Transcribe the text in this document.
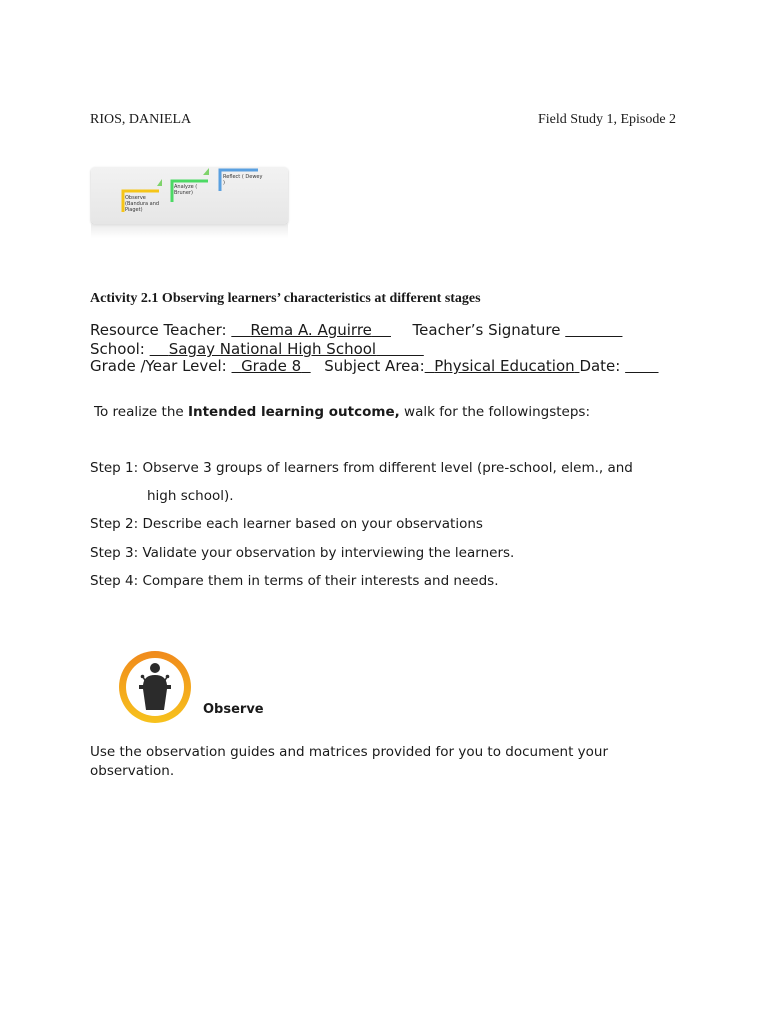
RIOS, DANIELA	Field Study 1, Episode 2
Observe (Bandura and Piaget)
Analyze ( Bruner)
Reflect ( Dewey )
Activity 2.1 Observing learners’ characteristics at different stages
Resource Teacher: Rema A. Aguirre	Teacher’s Signature
School: Sagay National High School
Grade /Year Level: Grade 8 Subject Area: Physical Education Date:
To realize the Intended learning outcome, walk for the followingsteps:
Step 1: Observe 3 groups of learners from different level (pre-school, elem., and
high school).
Step 2: Describe each learner based on your observations
Step 3: Validate your observation by interviewing the learners.
Step 4: Compare them in terms of their interests and needs.
Observe
Use the observation guides and matrices provided for you to document your
observation.
